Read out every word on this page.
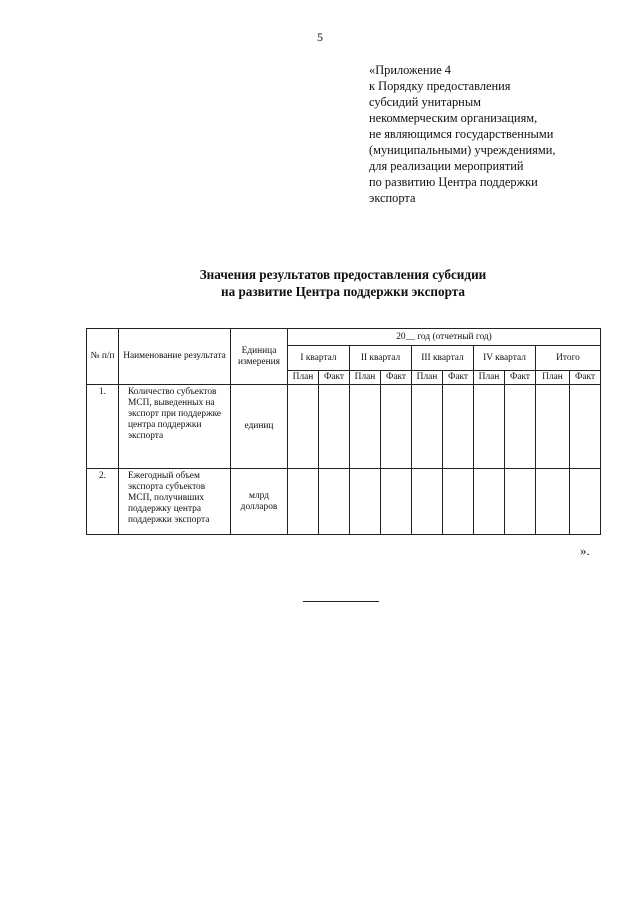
5
«Приложение 4
к Порядку предоставления
субсидий унитарным
некоммерческим организациям,
не являющимся государственными
(муниципальными) учреждениями,
для реализации мероприятий
по развитию Центра поддержки
экспорта
Значения результатов предоставления субсидии
на развитие Центра поддержки экспорта
№ п/п	Наименование результата	Единица измерения	20__ год (отчетный год)									
			I квартал		II квартал		III квартал		IV квартал		Итого	
			План	Факт	План	Факт	План	Факт	План	Факт	План	Факт
1.	Количество субъектов МСП, выведенных на экспорт при поддержке центра поддержки экспорта	единиц										
2.	Ежегодный объем экспорта субъектов МСП, получивших поддержку центра поддержки экспорта	млрд долларов										
».
